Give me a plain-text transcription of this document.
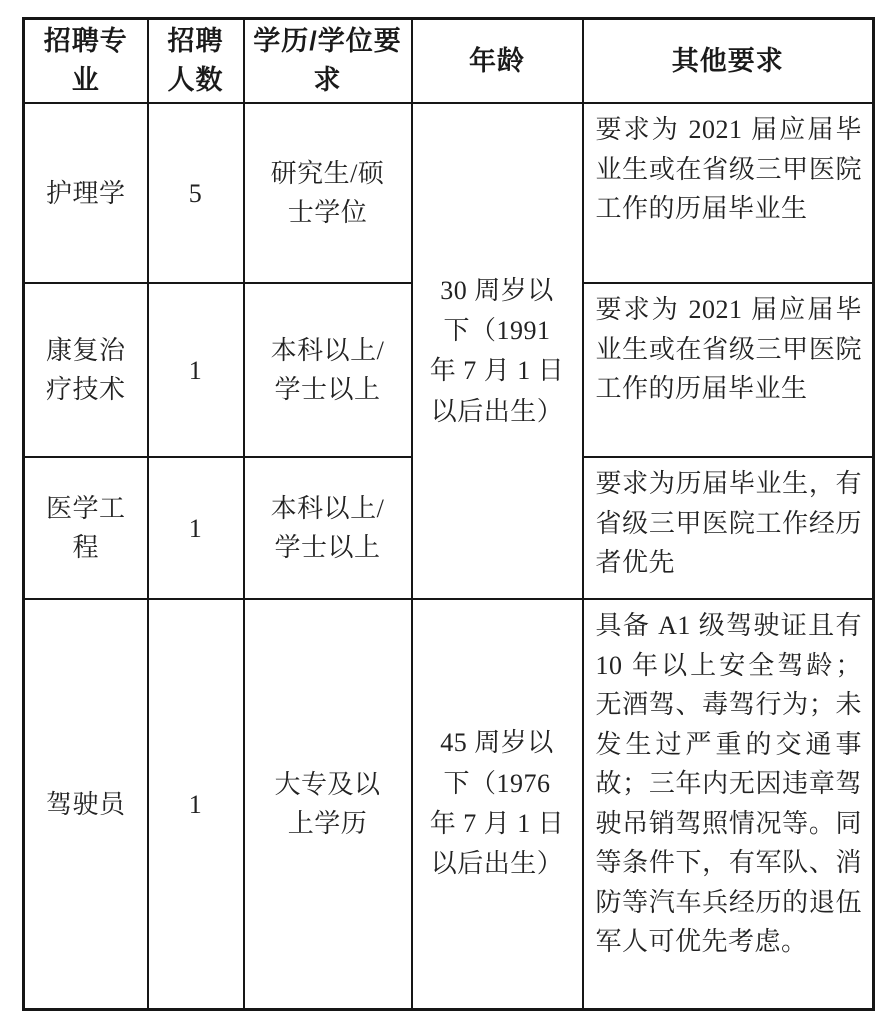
招聘专业	招聘人数	学历/学位要求	年龄	其他要求
护理学	5	研究生/硕士学位	30 周岁以下（1991 年 7 月 1 日以后出生）	要求为 2021 届应届毕业生或在省级三甲医院工作的历届毕业生
康复治疗技术	1	本科以上/学士以上		要求为 2021 届应届毕业生或在省级三甲医院工作的历届毕业生
医学工程	1	本科以上/学士以上		要求为历届毕业生，有省级三甲医院工作经历者优先
驾驶员	1	大专及以上学历	45 周岁以下（1976 年 7 月 1 日以后出生）	具备 A1 级驾驶证且有 10 年以上安全驾龄；无酒驾、毒驾行为；未发生过严重的交通事故；三年内无因违章驾驶吊销驾照情况等。同等条件下，有军队、消防等汽车兵经历的退伍军人可优先考虑。
